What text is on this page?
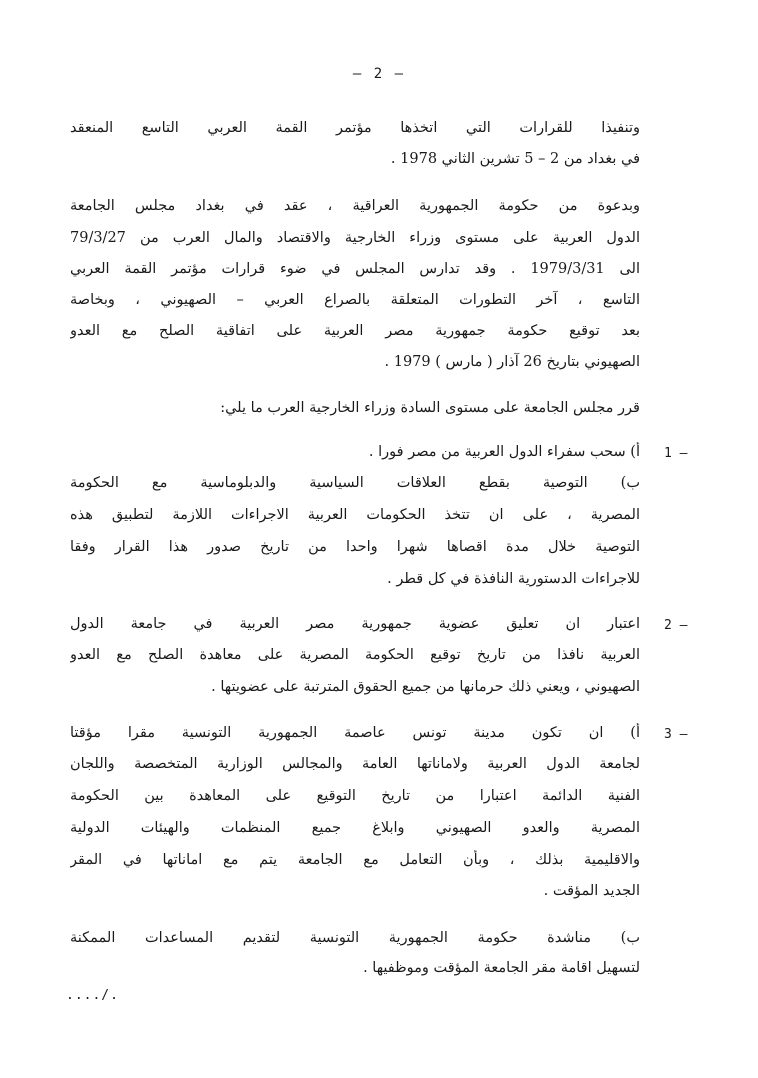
– 2 –
وتنفيذا للقرارات التي اتخذها مؤتمر القمة العربي التاسع المنعقد
في بغداد من 2 – 5 تشرين الثاني 1978 .
وبدعوة من حكومة الجمهورية العراقية ، عقد في بغداد مجلس الجامعة
الدول العربية على مستوى وزراء الخارجية والاقتصاد والمال العرب من 79/3/27
الى 1979/3/31 . وقد تدارس المجلس في ضوء قرارات مؤتمر القمة العربي
التاسع ، آخر التطورات المتعلقة بالصراع العربي – الصهيوني ، وبخاصة
بعد توقيع حكومة جمهورية مصر العربية على اتفاقية الصلح مع العدو
الصهيوني بتاريخ 26 آذار ( مارس ) 1979 .
قرر مجلس الجامعة على مستوى السادة وزراء الخارجية العرب ما يلي:
1 –
أ) سحب سفراء الدول العربية من مصر فورا .
ب) التوصية بقطع العلاقات السياسية والدبلوماسية مع الحكومة
المصرية ، على ان تتخذ الحكومات العربية الاجراءات اللازمة لتطبيق هذه
التوصية خلال مدة اقصاها شهرا واحدا من تاريخ صدور هذا القرار وفقا
للاجراءات الدستورية النافذة في كل قطر .
2 –
اعتبار ان تعليق عضوية جمهورية مصر العربية في جامعة الدول
العربية نافذا من تاريخ توقيع الحكومة المصرية على معاهدة الصلح مع العدو
الصهيوني ، ويعني ذلك حرمانها من جميع الحقوق المترتبة على عضويتها .
3 –
أ) ان تكون مدينة تونس عاصمة الجمهورية التونسية مقرا مؤقتا
لجامعة الدول العربية ولاماناتها العامة والمجالس الوزارية المتخصصة واللجان
الفنية الدائمة اعتبارا من تاريخ التوقيع على المعاهدة بين الحكومة
المصرية والعدو الصهيوني وابلاغ جميع المنظمات والهيئات الدولية
والاقليمية بذلك ، وبأن التعامل مع الجامعة يتم مع اماناتها في المقر
الجديد المؤقت .
ب) مناشدة حكومة الجمهورية التونسية لتقديم المساعدات الممكنة
لتسهيل اقامة مقر الجامعة المؤقت وموظفيها .
..../.
